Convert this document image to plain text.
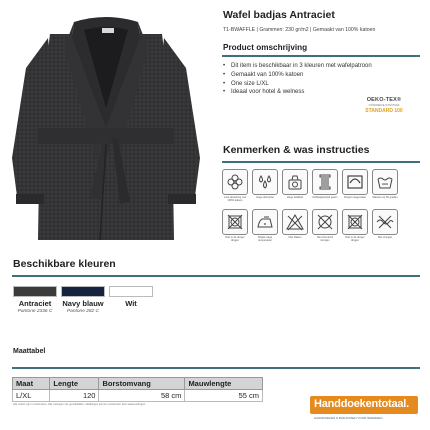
Wafel badjas Antraciet
T1-BWAFFLE | Grammen: 230 gr/m2 | Gemaakt van 100% katoen
Product omschrijving
• Dit item is beschikbaar in 3 kleuren met wafelpatroon
• Gemaakt van 100% katoen
• One size L/XL
• Ideaal voor hotel & welness
OEKO-TEX®
CONFIDENCE IN TEXTILES
STANDARD 100
Kenmerken & was instructies
Luxe afwerking met 100% katoen
Hoge absorptie	Hoge kwaliteit	Dubbelgetwijnd garen	Drogen toegestaan	Wassen op 60 graden
Niet in de droger drogen
Strijken lage temperatuur
Niet bleken	Niet chemisch reinigen
Niet in de droger drogen
Niet wringen
Beschikbare kleuren
Antraciet
Pantone 2336 C
Navy blauw
Pantone 282 C
Wit
Maattabel
Maat	Lengte	Borstomvang	Mauwlengte
L/XL	120	58 cm	55 cm
Alle maten zijn in centimeters. Alle metingen zijn gemiddelden, afwijkingen kunnen voorkomen door wassen/drogen.	Handdoekentotaal.
HANDDOEKEN & BADJASSEN VOOR IEDEREEN
